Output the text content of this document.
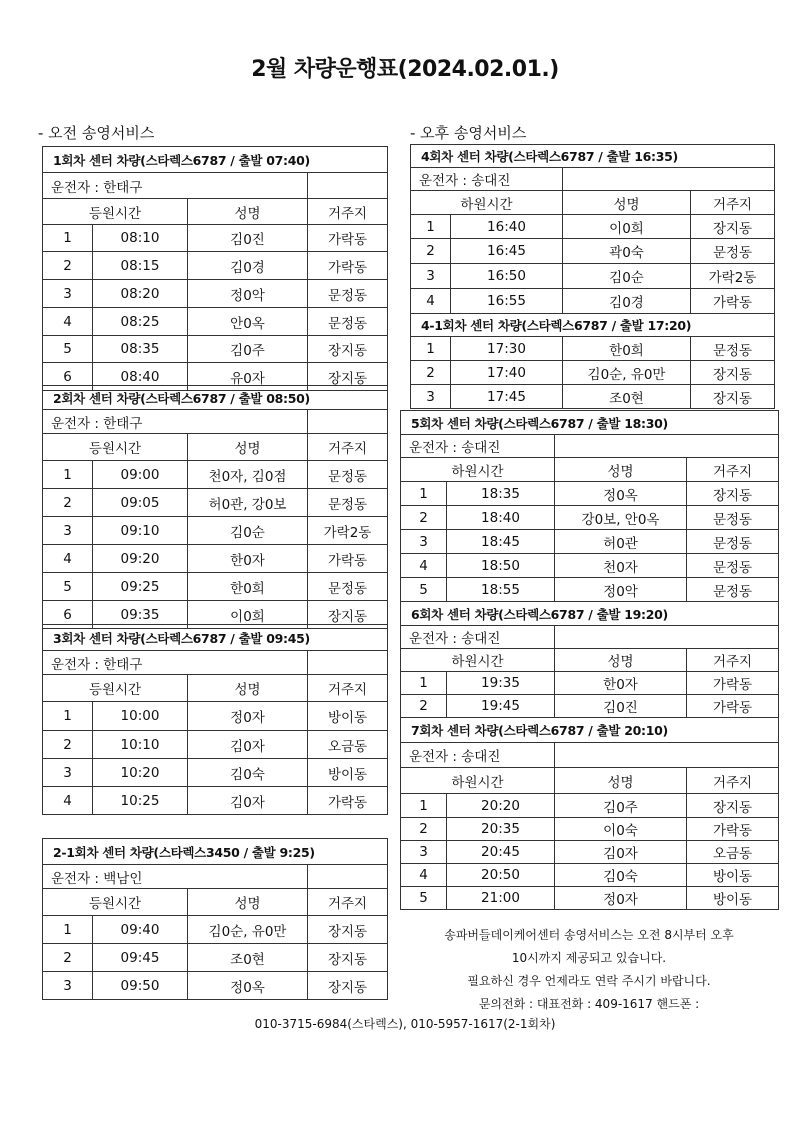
2월 차량운행표(2024.02.01.)
- 오전 송영서비스	- 오후 송영서비스
1회차 센터 차량(스타렉스6787 / 출발 07:40)			
운전자 : 한태구			
등원시간		성명	거주지
1	08:10	김0진	가락동
2	08:15	김0경	가락동
3	08:20	정0악	문정동
4	08:25	안0옥	문정동
5	08:35	김0주	장지동
6	08:40	유0자	장지동
2회차 센터 차량(스타렉스6787 / 출발 08:50)			
운전자 : 한태구			
등원시간		성명	거주지
1	09:00	천0자, 김0점	문정동
2	09:05	허0관, 강0보	문정동
3	09:10	김0순	가락2동
4	09:20	한0자	가락동
5	09:25	한0희	문정동
6	09:35	이0희	장지동
3회차 센터 차량(스타렉스6787 / 출발 09:45)			
운전자 : 한태구			
등원시간		성명	거주지
1	10:00	정0자	방이동
2	10:10	김0자	오금동
3	10:20	김0숙	방이동
4	10:25	김0자	가락동
2-1회차 센터 차량(스타렉스3450 / 출발 9:25)			
운전자 : 백남인			
등원시간		성명	거주지
1	09:40	김0순, 유0만	장지동
2	09:45	조0현	장지동
3	09:50	정0옥	장지동
4회차 센터 차량(스타렉스6787 / 출발 16:35)			
운전자 : 송대진			
하원시간		성명	거주지
1	16:40	이0희	장지동
2	16:45	곽0숙	문정동
3	16:50	김0순	가락2동
4	16:55	김0경	가락동
4-1회차 센터 차량(스타렉스6787 / 출발 17:20)			
1	17:30	한0희	문정동
2	17:40	김0순, 유0만	장지동
3	17:45	조0현	장지동
5회차 센터 차량(스타렉스6787 / 출발 18:30)			
운전자 : 송대진			
하원시간		성명	거주지
1	18:35	정0옥	장지동
2	18:40	강0보, 안0옥	문정동
3	18:45	허0관	문정동
4	18:50	천0자	문정동
5	18:55	정0악	문정동
6회차 센터 차량(스타렉스6787 / 출발 19:20)			
운전자 : 송대진			
하원시간		성명	거주지
1	19:35	한0자	가락동
2	19:45	김0진	가락동
7회차 센터 차량(스타렉스6787 / 출발 20:10)			
운전자 : 송대진			
하원시간		성명	거주지
1	20:20	김0주	장지동
2	20:35	이0숙	가락동
3	20:45	김0자	오금동
4	20:50	김0숙	방이동
5	21:00	정0자	방이동
송파버들데이케어센터 송영서비스는 오전 8시부터 오후
10시까지 제공되고 있습니다.
필요하신 경우 언제라도 연락 주시기 바랍니다.
문의전화 : 대표전화 : 409-1617 핸드폰 :
010-3715-6984(스타렉스), 010-5957-1617(2-1회차)
